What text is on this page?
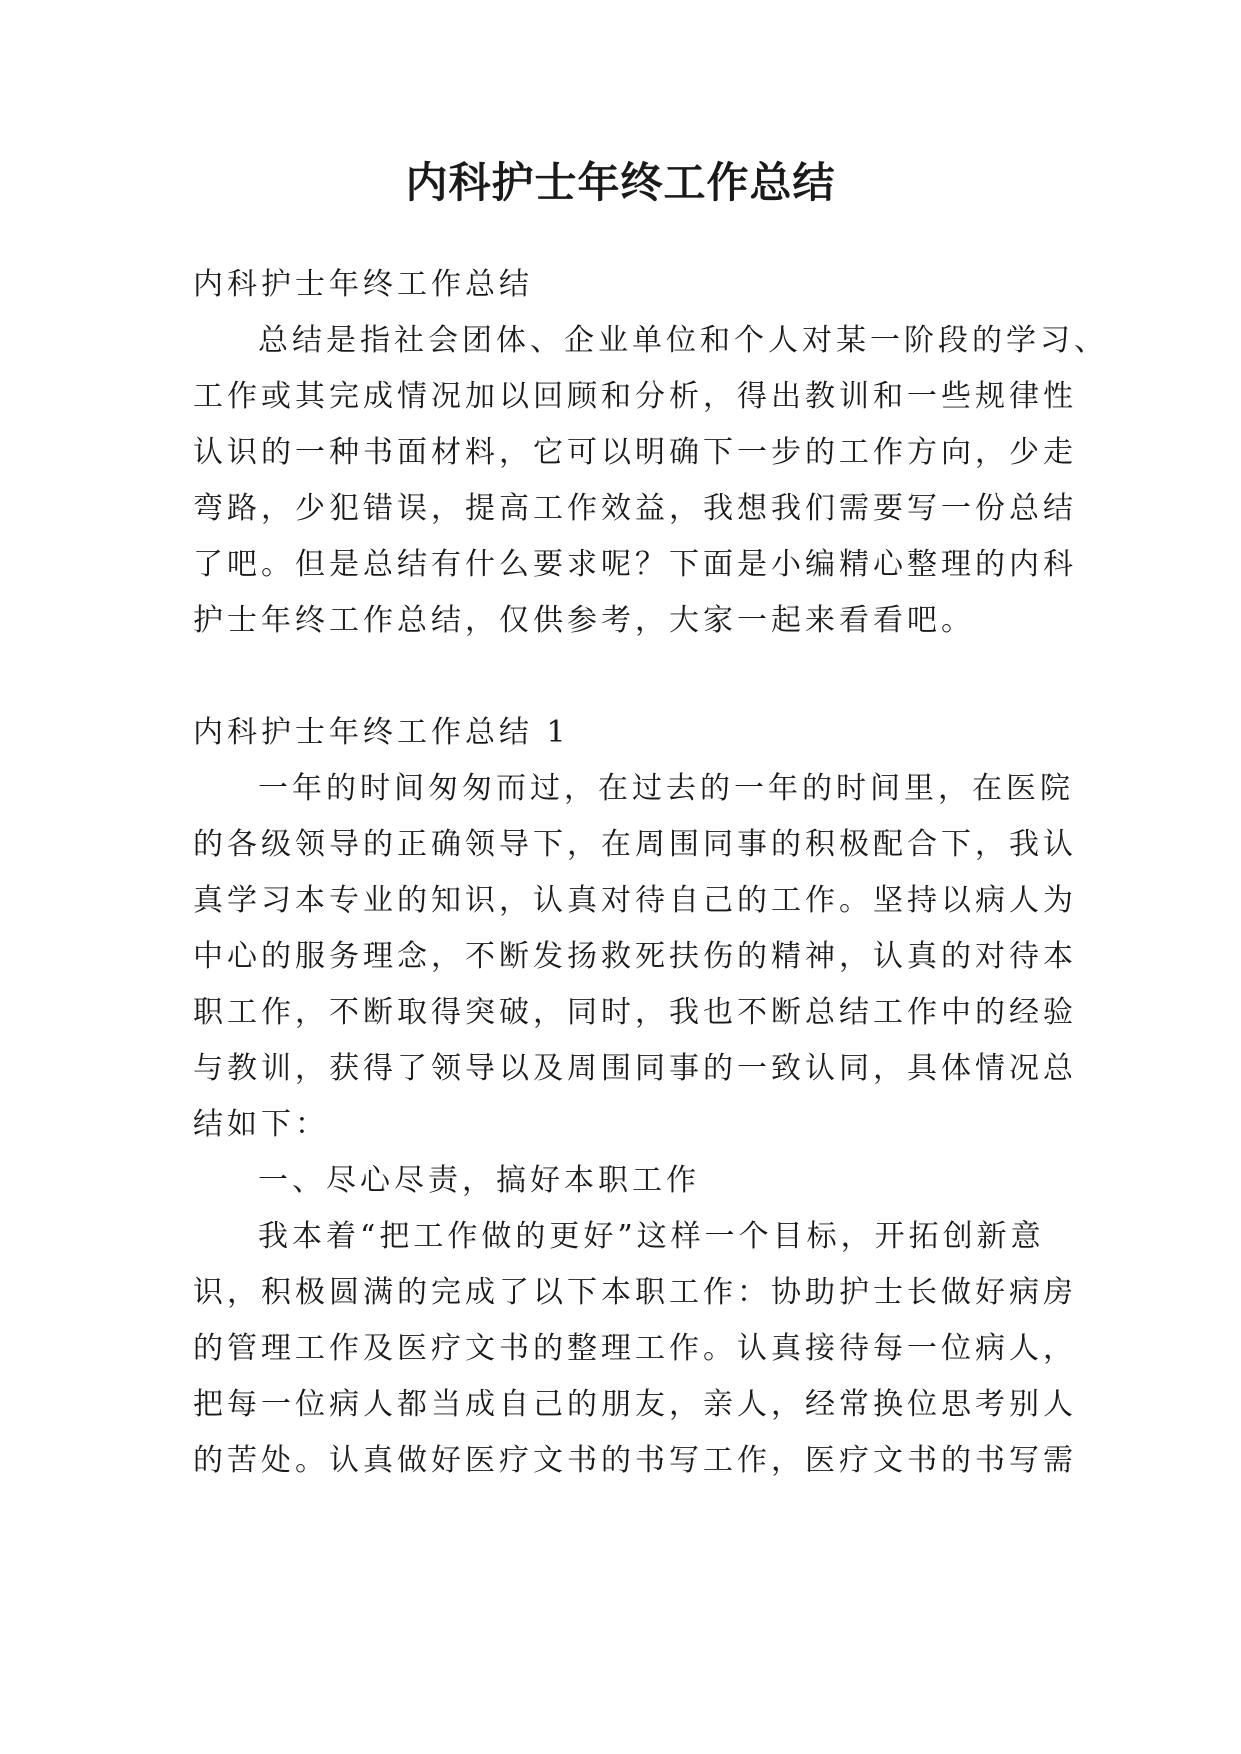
内科护士年终工作总结

内科护士年终工作总结

总结是指社会团体、企业单位和个人对某一阶段的学习、

工作或其完成情况加以回顾和分析，得出教训和一些规律性

认识的一种书面材料，它可以明确下一步的工作方向，少走

弯路，少犯错误，提高工作效益，我想我们需要写一份总结

了吧。但是总结有什么要求呢？下面是小编精心整理的内科

护士年终工作总结，仅供参考，大家一起来看看吧。

内科护士年终工作总结 1

一年的时间匆匆而过，在过去的一年的时间里，在医院

的各级领导的正确领导下，在周围同事的积极配合下，我认

真学习本专业的知识，认真对待自己的工作。坚持以病人为

中心的服务理念，不断发扬救死扶伤的精神，认真的对待本

职工作，不断取得突破，同时，我也不断总结工作中的经验

与教训，获得了领导以及周围同事的一致认同，具体情况总

结如下：

一、尽心尽责，搞好本职工作

我本着“把工作做的更好”这样一个目标，开拓创新意

识，积极圆满的完成了以下本职工作：协助护士长做好病房

的管理工作及医疗文书的整理工作。认真接待每一位病人，

把每一位病人都当成自己的朋友，亲人，经常换位思考别人

的苦处。认真做好医疗文书的书写工作，医疗文书的书写需
